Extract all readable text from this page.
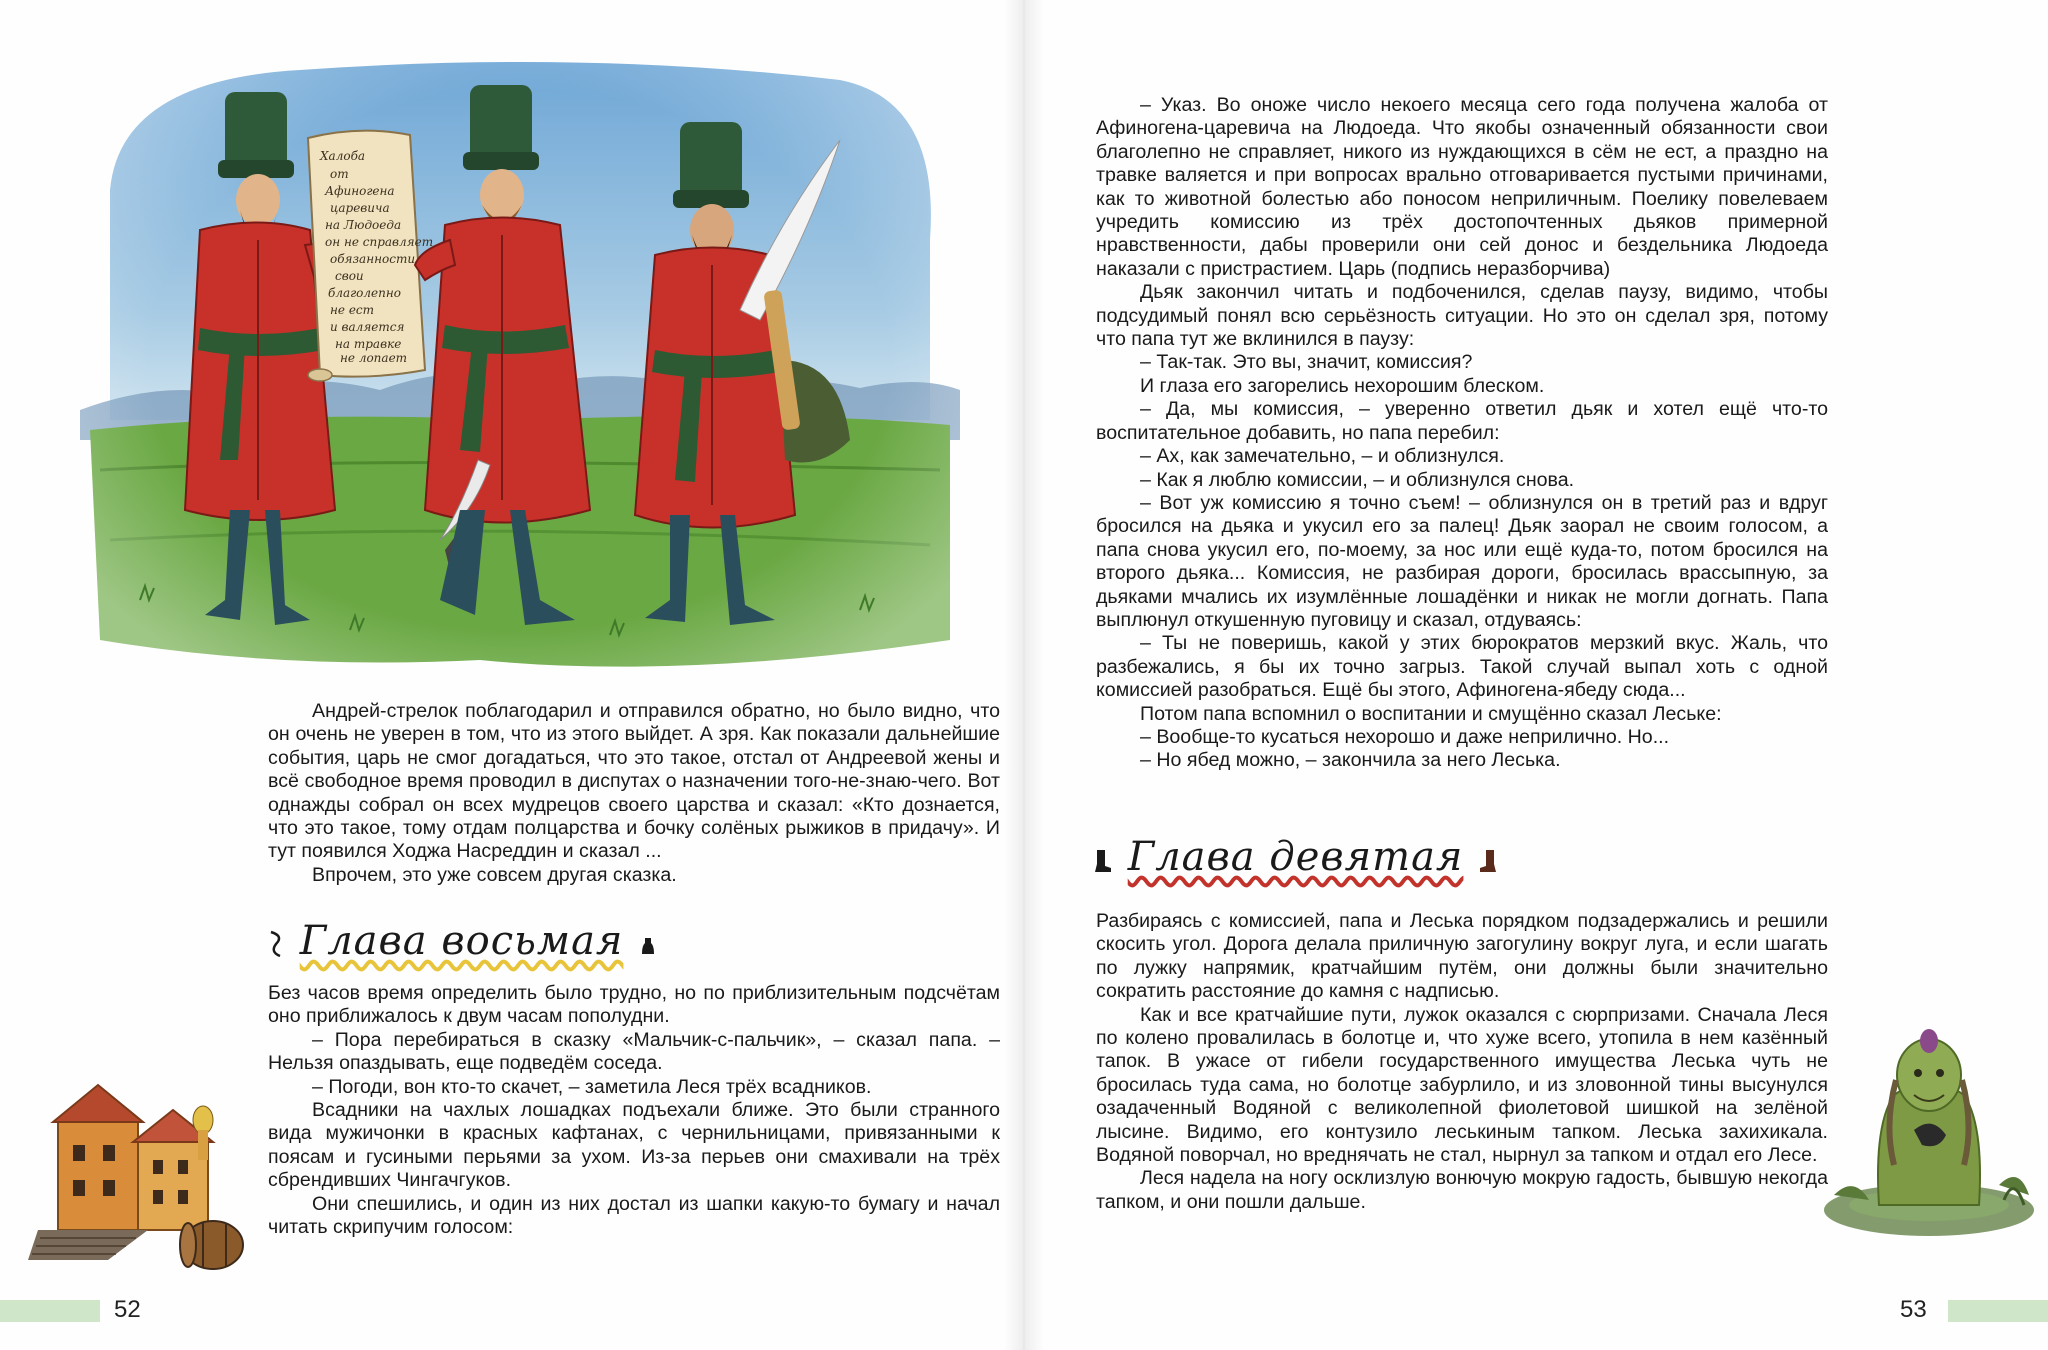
Халоба
от
Афиногена
царевича
на Людоеда
он не справляет
обязанности
свои
благолепно
не ест
и валяется
на травке
не лопает

Андрей-стрелок поблагодарил и отправился обратно, но было видно, что он очень не уверен в том, что из этого выйдет. А зря. Как показали дальнейшие события, царь не смог догадаться, что это такое, отстал от Андреевой жены и всё свободное время проводил в диспутах о назначении того-не-знаю-чего. Вот однажды собрал он всех мудрецов своего царства и сказал: «Кто дознается, что это такое, тому отдам полцарства и бочку солёных рыжиков в придачу». И тут появился Ходжа Насреддин и сказал ...

Впрочем, это уже совсем другая сказка.

Глава восьмая

Без часов время определить было трудно, но по приблизительным подсчётам оно приближалось к двум часам пополудни.

– Пора перебираться в сказку «Мальчик-с-пальчик», – сказал папа. – Нельзя опаздывать, еще подведём соседа.

– Погоди, вон кто-то скачет, – заметила Леся трёх всадников.

Всадники на чахлых лошадках подъехали ближе. Это были странного вида мужичонки в красных кафтанах, с чернильницами, привязанными к поясам и гусиными перьями за ухом. Из-за перьев они смахивали на трёх сбрендивших Чингачгуков.

Они спешились, и один из них достал из шапки какую-то бумагу и начал читать скрипучим голосом:

52

– Указ. Во оноже число некоего месяца сего года получена жалоба от Афиногена-царевича на Людоеда. Что якобы означенный обязанности свои благолепно не справляет, никого из нуждающихся в сём не ест, а праздно на травке валяется и при вопросах врально отговаривается пустыми причинами, как то животной болестью або поносом неприличным. Поелику повелеваем учредить комиссию из трёх достопочтенных дьяков примерной нравственности, дабы проверили они сей донос и бездельника Людоеда наказали с пристрастием. Царь (подпись неразборчива)

Дьяк закончил читать и подбоченился, сделав паузу, видимо, чтобы подсудимый понял всю серьёзность ситуации. Но это он сделал зря, потому что папа тут же вклинился в паузу:

– Так-так. Это вы, значит, комиссия?

И глаза его загорелись нехорошим блеском.

– Да, мы комиссия, – уверенно ответил дьяк и хотел ещё что-то воспитательное добавить, но папа перебил:

– Ах, как замечательно, – и облизнулся.

– Как я люблю комиссии, – и облизнулся снова.

– Вот уж комиссию я точно съем! – облизнулся он в третий раз и вдруг бросился на дьяка и укусил его за палец! Дьяк заорал не своим голосом, а папа снова укусил его, по-моему, за нос или ещё куда-то, потом бросился на второго дьяка... Комиссия, не разбирая дороги, бросилась врассыпную, за дьяками мчались их изумлённые лошадёнки и никак не могли догнать. Папа выплюнул откушенную пуговицу и сказал, отдуваясь:

– Ты не поверишь, какой у этих бюрократов мерзкий вкус. Жаль, что разбежались, я бы их точно загрыз. Такой случай выпал хоть с одной комиссией разобраться. Ещё бы этого, Афиногена-ябеду сюда...

Потом папа вспомнил о воспитании и смущённо сказал Леське:

– Вообще-то кусаться нехорошо и даже неприлично. Но...

– Но ябед можно, – закончила за него Леська.

Глава девятая

Разбираясь с комиссией, папа и Леська порядком подзадержались и решили скосить угол. Дорога делала приличную загогулину вокруг луга, и если шагать по лужку напрямик, кратчайшим путём, они должны были значительно сократить расстояние до камня с надписью.

Как и все кратчайшие пути, лужок оказался с сюрпризами. Сначала Леся по колено провалилась в болотце и, что хуже всего, утопила в нем казённый тапок. В ужасе от гибели государственного имущества Леська чуть не бросилась туда сама, но болотце забурлило, и из зловонной тины высунулся озадаченный Водяной с великолепной фиолетовой шишкой на зелёной лысине. Видимо, его контузило леськиным тапком. Леська захихикала. Водяной поворчал, но вреднячать не стал, нырнул за тапком и отдал его Лесе.

Леся надела на ногу осклизлую вонючую мокрую гадость, бывшую некогда тапком, и они пошли дальше.

53
